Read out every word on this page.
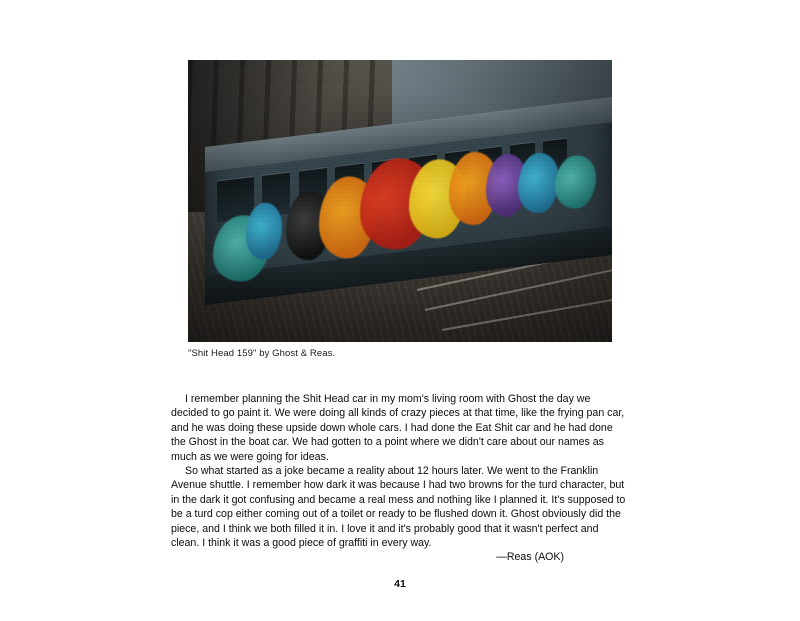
"Shit Head 159" by Ghost & Reas.

I remember planning the Shit Head car in my mom's living room with Ghost the day we decided to go paint it. We were doing all kinds of crazy pieces at that time, like the frying pan car, and he was doing these upside down whole cars. I had done the Eat Shit car and he had done the Ghost in the boat car. We had gotten to a point where we didn't care about our names as much as we were going for ideas.

So what started as a joke became a reality about 12 hours later. We went to the Franklin Avenue shuttle. I remember how dark it was because I had two browns for the turd character, but in the dark it got confusing and became a real mess and nothing like I planned it. It's supposed to be a turd cop either coming out of a toilet or ready to be flushed down it. Ghost obviously did the piece, and I think we both filled it in. I love it and it's probably good that it wasn't perfect and clean. I think it was a good piece of graffiti in every way.

—Reas (AOK)

41
